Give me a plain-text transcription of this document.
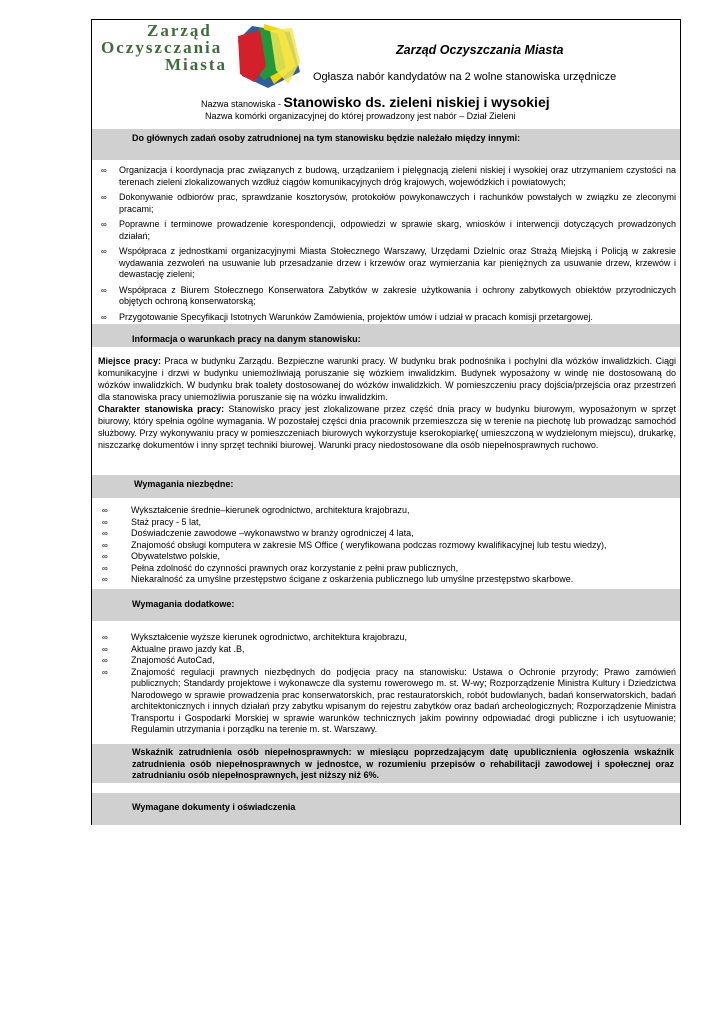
Zarząd
Oczyszczania
Miasta
Zarząd Oczyszczania Miasta
Ogłasza nabór kandydatów na 2 wolne stanowiska urzędnicze
Nazwa stanowiska - Stanowisko ds. zieleni niskiej i wysokiej
Nazwa komórki organizacyjnej do której prowadzony jest nabór – Dział Zieleni
Do głównych zadań osoby zatrudnionej na tym stanowisku będzie należało między innymi:
∞ Organizacja i koordynacja prac związanych z budową, urządzaniem i pielęgnacją zieleni niskiej i wysokiej oraz utrzymaniem czystości na terenach zieleni zlokalizowanych wzdłuż ciągów komunikacyjnych dróg krajowych, wojewódzkich i powiatowych;
∞ Dokonywanie odbiorów prac, sprawdzanie kosztorysów, protokołów powykonawczych i rachunków powstałych w związku ze zleconymi pracami;
∞ Poprawne i terminowe prowadzenie korespondencji, odpowiedzi w sprawie skarg, wniosków i interwencji dotyczących prowadzonych działań;
∞ Współpraca z jednostkami organizacyjnymi Miasta Stołecznego Warszawy, Urzędami Dzielnic oraz Strażą Miejską i Policją w zakresie wydawania zezwoleń na usuwanie lub przesadzanie drzew i krzewów oraz wymierzania kar pieniężnych za usuwanie drzew, krzewów i dewastację zieleni;
∞ Współpraca z Biurem Stołecznego Konserwatora Zabytków w zakresie użytkowania i ochrony zabytkowych obiektów przyrodniczych objętych ochroną konserwatorską;
∞ Przygotowanie Specyfikacji Istotnych Warunków Zamówienia, projektów umów i udział w pracach komisji przetargowej.
Informacja o warunkach pracy na danym stanowisku:

Miejsce pracy: Praca w budynku Zarządu. Bezpieczne warunki pracy. W budynku brak podnośnika i pochylni dla wózków inwalidzkich. Ciągi komunikacyjne i drzwi w budynku uniemożliwiają poruszanie się wózkiem inwalidzkim. Budynek wyposażony w windę nie dostosowaną do wózków inwalidzkich. W budynku brak toalety dostosowanej do wózków inwalidzkich. W pomieszczeniu pracy dojścia/przejścia oraz przestrzeń dla stanowiska pracy uniemożliwia poruszanie się na wózku inwalidzkim.
Charakter stanowiska pracy: Stanowisko pracy jest zlokalizowane przez część dnia pracy w budynku biurowym, wyposażonym w sprzęt biurowy, który spełnia ogólne wymagania. W pozostałej części dnia pracownik przemieszcza się w terenie na piechotę lub prowadząc samochód służbowy. Przy wykonywaniu pracy w pomieszczeniach biurowych wykorzystuje kserokopiarkę( umieszczoną w wydzielonym miejscu), drukarkę, niszczarkę dokumentów i inny sprzęt techniki biurowej. Warunki pracy niedostosowane dla osób niepełnosprawnych ruchowo.

Wymagania niezbędne:
∞	Wykształcenie średnie–kierunek ogrodnictwo, architektura krajobrazu,
∞	Staż pracy - 5 lat,
∞	Doświadczenie zawodowe –wykonawstwo w branży ogrodniczej 4 lata,
∞	Znajomość obsługi komputera w zakresie MS Office ( weryfikowana podczas rozmowy kwalifikacyjnej lub testu wiedzy),
∞	Obywatelstwo polskie,
∞	Pełna zdolność do czynności prawnych oraz korzystanie z pełni praw publicznych,
∞	Niekaralność za umyślne przestępstwo ścigane z oskarżenia publicznego lub umyślne przestępstwo skarbowe.
Wymagania dodatkowe:
∞	Wykształcenie wyższe kierunek ogrodnictwo, architektura krajobrazu,
∞	Aktualne prawo jazdy kat .B,
∞	Znajomość AutoCad,
∞	Znajomość regulacji prawnych niezbędnych do podjęcia pracy na stanowisku: Ustawa o Ochronie przyrody; Prawo zamówień publicznych; Standardy projektowe i wykonawcze dla systemu rowerowego m. st. W-wy; Rozporządzenie Ministra Kultury i Dziedzictwa Narodowego w sprawie prowadzenia prac konserwatorskich, prac restauratorskich, robót budowlanych, badań konserwatorskich, badań architektonicznych i innych działań przy zabytku wpisanym do rejestru zabytków oraz badań archeologicznych; Rozporządzenie Ministra Transportu i Gospodarki Morskiej w sprawie warunków technicznych jakim powinny odpowiadać drogi publiczne i ich usytuowanie; Regulamin utrzymania i porządku na terenie m. st. Warszawy.
Wskaźnik zatrudnienia osób niepełnosprawnych: w miesiącu poprzedzającym datę upublicznienia ogłoszenia wskaźnik zatrudnienia osób niepełnosprawnych w jednostce, w rozumieniu przepisów o rehabilitacji zawodowej i społecznej oraz zatrudnianiu osób niepełnosprawnych, jest niższy niż 6%.
Wymagane dokumenty i oświadczenia
